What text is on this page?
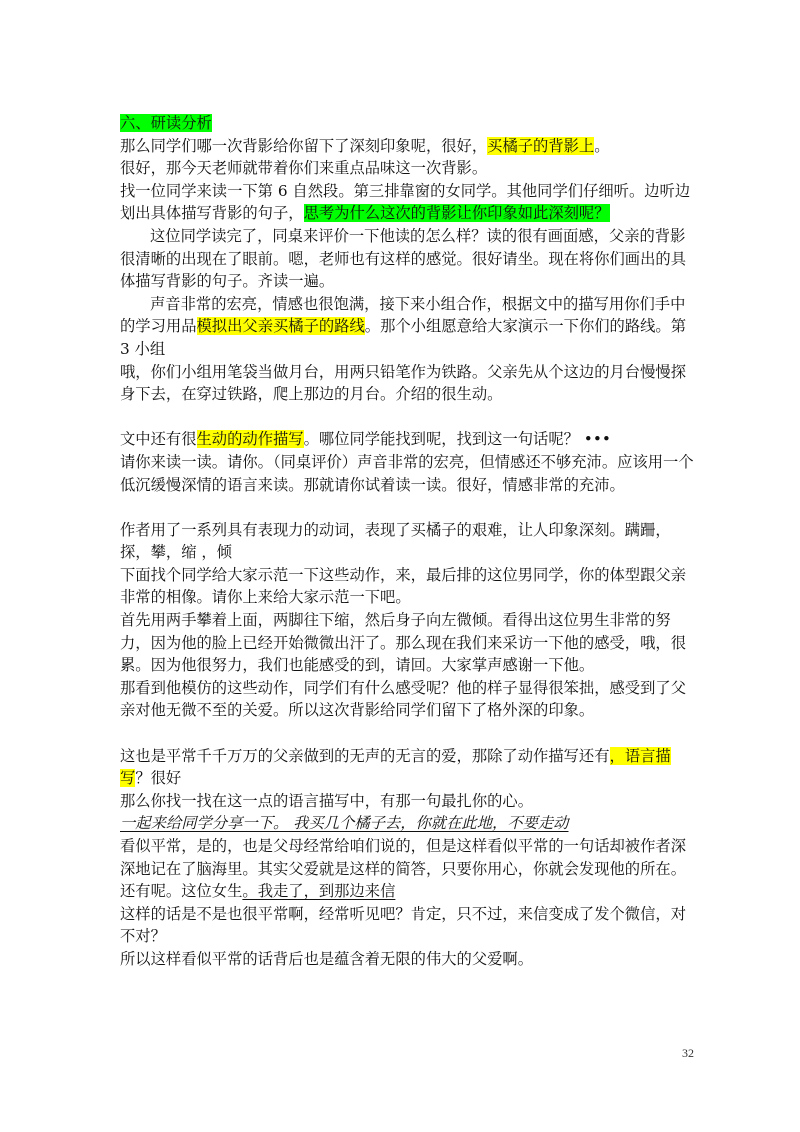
六、研读分析

那么同学们哪一次背影给你留下了深刻印象呢，很好，买橘子的背影上。

很好，那今天老师就带着你们来重点品味这一次背影。

找一位同学来读一下第 6 自然段。第三排靠窗的女同学。其他同学们仔细听。边听边划出具体描写背影的句子，思考为什么这次的背影让你印象如此深刻呢？

这位同学读完了，同桌来评价一下他读的怎么样？读的很有画面感，父亲的背影很清晰的出现在了眼前。嗯，老师也有这样的感觉。很好请坐。现在将你们画出的具体描写背影的句子。齐读一遍。

声音非常的宏亮，情感也很饱满，接下来小组合作，根据文中的描写用你们手中的学习用品模拟出父亲买橘子的路线。那个小组愿意给大家演示一下你们的路线。第 3 小组

哦，你们小组用笔袋当做月台，用两只铅笔作为铁路。父亲先从个这边的月台慢慢探身下去，在穿过铁路，爬上那边的月台。介绍的很生动。

文中还有很生动的动作描写。哪位同学能找到呢，找到这一句话呢？ •••

请你来读一读。请你。（同桌评价）声音非常的宏亮，但情感还不够充沛。应该用一个低沉缓慢深情的语言来读。那就请你试着读一读。很好，情感非常的充沛。

作者用了一系列具有表现力的动词，表现了买橘子的艰难，让人印象深刻。蹒跚，探，攀，缩 ，倾

下面找个同学给大家示范一下这些动作，来，最后排的这位男同学，你的体型跟父亲非常的相像。请你上来给大家示范一下吧。

首先用两手攀着上面，两脚往下缩，然后身子向左微倾。看得出这位男生非常的努力，因为他的脸上已经开始微微出汗了。那么现在我们来采访一下他的感受，哦，很累。因为他很努力，我们也能感受的到，请回。大家掌声感谢一下他。

那看到他模仿的这些动作，同学们有什么感受呢？他的样子显得很笨拙，感受到了父亲对他无微不至的关爱。所以这次背影给同学们留下了格外深的印象。

这也是平常千千万万的父亲做到的无声的无言的爱，那除了动作描写还有，语言描写？很好

那么你找一找在这一点的语言描写中，有那一句最扎你的心。

一起来给同学分享一下。 我买几个橘子去，你就在此地，不要走动

看似平常，是的，也是父母经常给咱们说的，但是这样看似平常的一句话却被作者深深地记在了脑海里。其实父爱就是这样的简答，只要你用心，你就会发现他的所在。

还有呢。这位女生。我走了，到那边来信

这样的话是不是也很平常啊，经常听见吧？肯定，只不过，来信变成了发个微信，对不对？

所以这样看似平常的话背后也是蕴含着无限的伟大的父爱啊。

32
